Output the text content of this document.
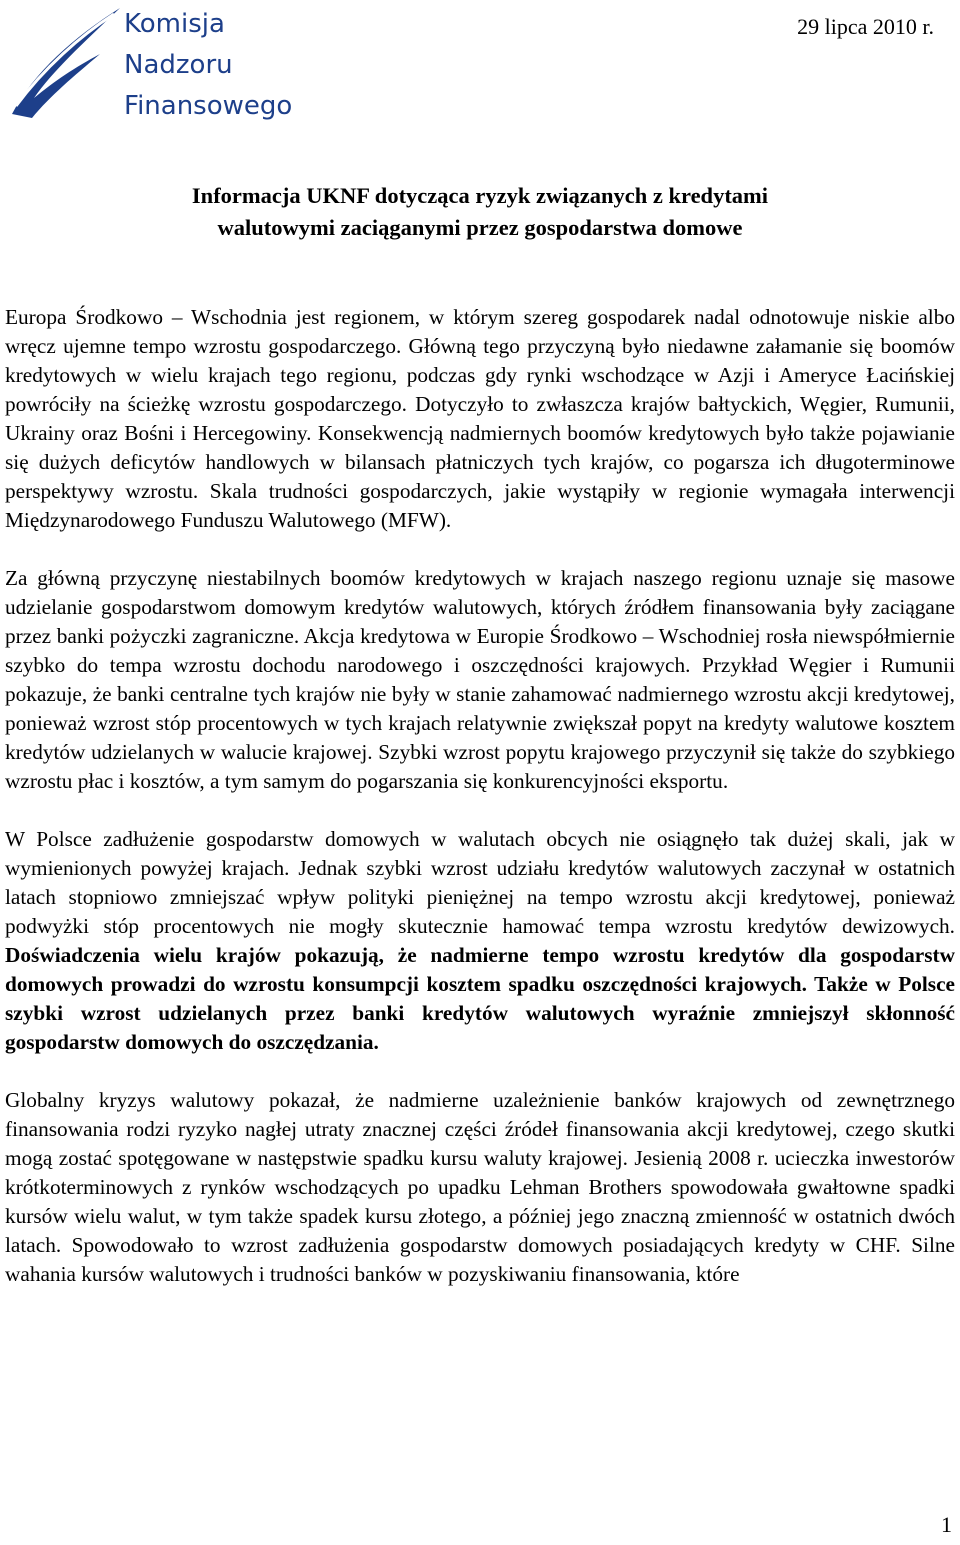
Komisja
Nadzoru
Finansowego
29 lipca 2010 r.
Informacja UKNF dotycząca ryzyk związanych z kredytami
walutowymi zaciąganymi przez gospodarstwa domowe

Europa Środkowo – Wschodnia jest regionem, w którym szereg gospodarek nadal odnotowuje niskie albo wręcz ujemne tempo wzrostu gospodarczego. Główną tego przyczyną było niedawne załamanie się boomów kredytowych w wielu krajach tego regionu, podczas gdy rynki wschodzące w Azji i Ameryce Łacińskiej powróciły na ścieżkę wzrostu gospodarczego. Dotyczyło to zwłaszcza krajów bałtyckich, Węgier, Rumunii, Ukrainy oraz Bośni i Hercegowiny. Konsekwencją nadmiernych boomów kredytowych było także pojawianie się dużych deficytów handlowych w bilansach płatniczych tych krajów, co pogarsza ich długoterminowe perspektywy wzrostu. Skala trudności gospodarczych, jakie wystąpiły w regionie wymagała interwencji Międzynarodowego Funduszu Walutowego (MFW).

Za główną przyczynę niestabilnych boomów kredytowych w krajach naszego regionu uznaje się masowe udzielanie gospodarstwom domowym kredytów walutowych, których źródłem finansowania były zaciągane przez banki pożyczki zagraniczne. Akcja kredytowa w Europie Środkowo – Wschodniej rosła niewspółmiernie szybko do tempa wzrostu dochodu narodowego i oszczędności krajowych. Przykład Węgier i Rumunii pokazuje, że banki centralne tych krajów nie były w stanie zahamować nadmiernego wzrostu akcji kredytowej, ponieważ wzrost stóp procentowych w tych krajach relatywnie zwiększał popyt na kredyty walutowe kosztem kredytów udzielanych w walucie krajowej. Szybki wzrost popytu krajowego przyczynił się także do szybkiego wzrostu płac i kosztów, a tym samym do pogarszania się konkurencyjności eksportu.

W Polsce zadłużenie gospodarstw domowych w walutach obcych nie osiągnęło tak dużej skali, jak w wymienionych powyżej krajach. Jednak szybki wzrost udziału kredytów walutowych zaczynał w ostatnich latach stopniowo zmniejszać wpływ polityki pieniężnej na tempo wzrostu akcji kredytowej, ponieważ podwyżki stóp procentowych nie mogły skutecznie hamować tempa wzrostu kredytów dewizowych. Doświadczenia wielu krajów pokazują, że nadmierne tempo wzrostu kredytów dla gospodarstw domowych prowadzi do wzrostu konsumpcji kosztem spadku oszczędności krajowych. Także w Polsce szybki wzrost udzielanych przez banki kredytów walutowych wyraźnie zmniejszył skłonność gospodarstw domowych do oszczędzania.

Globalny kryzys walutowy pokazał, że nadmierne uzależnienie banków krajowych od zewnętrznego finansowania rodzi ryzyko nagłej utraty znacznej części źródeł finansowania akcji kredytowej, czego skutki mogą zostać spotęgowane w następstwie spadku kursu waluty krajowej. Jesienią 2008 r. ucieczka inwestorów krótkoterminowych z rynków wschodzących po upadku Lehman Brothers spowodowała gwałtowne spadki kursów wielu walut, w tym także spadek kursu złotego, a później jego znaczną zmienność w ostatnich dwóch latach. Spowodowało to wzrost zadłużenia gospodarstw domowych posiadających kredyty w CHF. Silne wahania kursów walutowych i trudności banków w pozyskiwaniu finansowania, które

1
